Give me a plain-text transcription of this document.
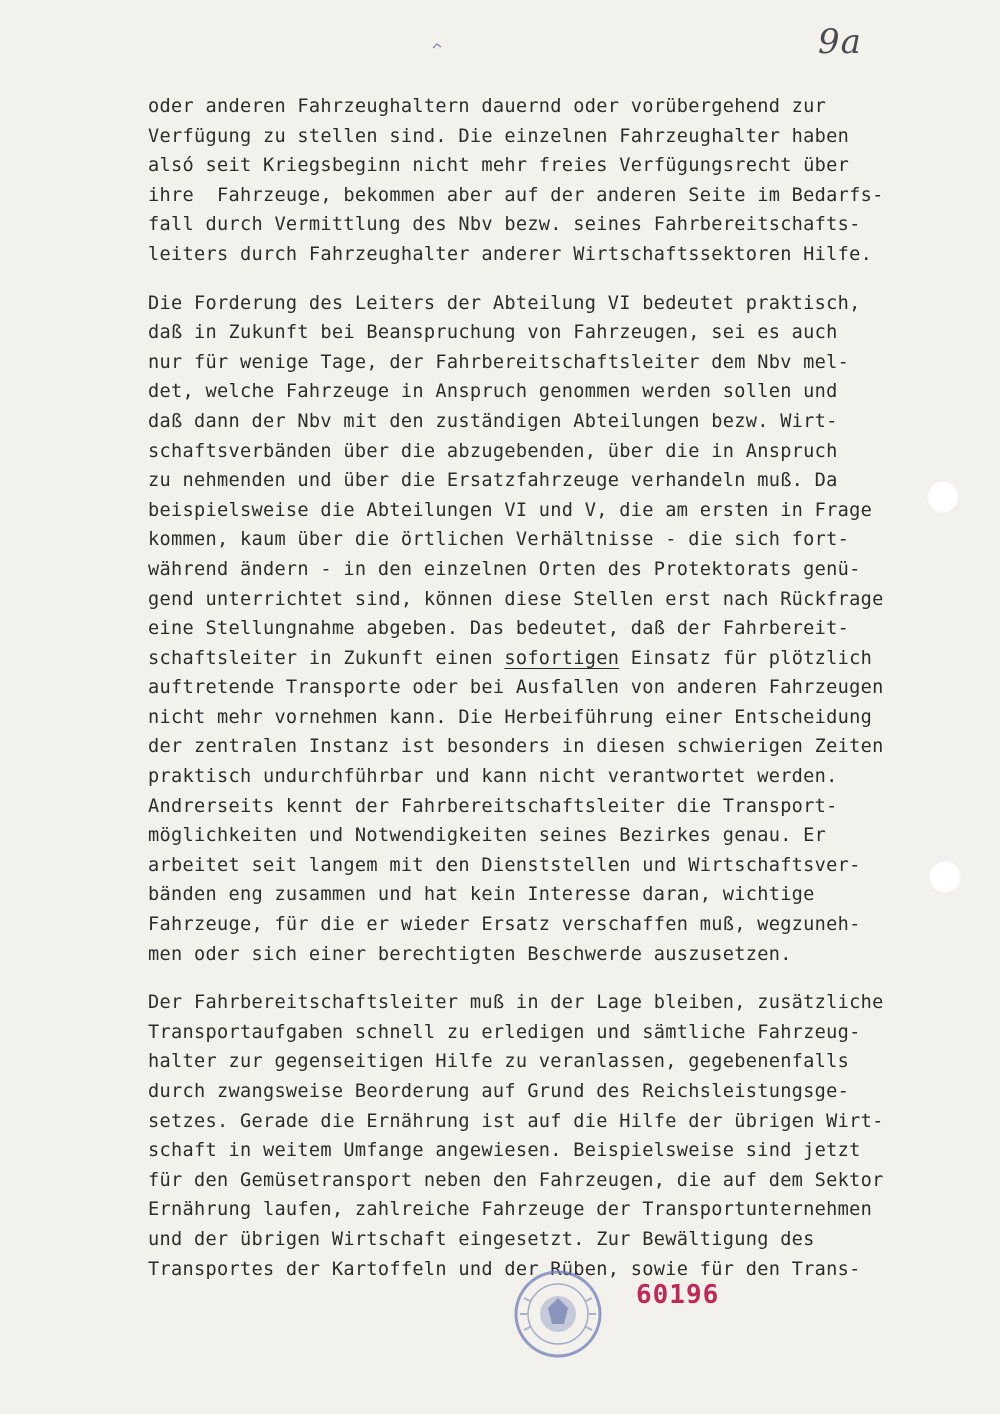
9a
oder anderen Fahrzeughaltern dauernd oder vorübergehend zur
Verfügung zu stellen sind. Die einzelnen Fahrzeughalter haben
alsó seit Kriegsbeginn nicht mehr freies Verfügungsrecht über
ihre  Fahrzeuge, bekommen aber auf der anderen Seite im Bedarfs-
fall durch Vermittlung des Nbv bezw. seines Fahrbereitschafts-
leiters durch Fahrzeughalter anderer Wirtschaftssektoren Hilfe.
Die Forderung des Leiters der Abteilung VI bedeutet praktisch,
daß in Zukunft bei Beanspruchung von Fahrzeugen, sei es auch
nur für wenige Tage, der Fahrbereitschaftsleiter dem Nbv mel-
det, welche Fahrzeuge in Anspruch genommen werden sollen und
daß dann der Nbv mit den zuständigen Abteilungen bezw. Wirt-
schaftsverbänden über die abzugebenden, über die in Anspruch
zu nehmenden und über die Ersatzfahrzeuge verhandeln muß. Da
beispielsweise die Abteilungen VI und V, die am ersten in Frage
kommen, kaum über die örtlichen Verhältnisse - die sich fort-
während ändern - in den einzelnen Orten des Protektorats genü-
gend unterrichtet sind, können diese Stellen erst nach Rückfrage
eine Stellungnahme abgeben. Das bedeutet, daß der Fahrbereit-
schaftsleiter in Zukunft einen sofortigen Einsatz für plötzlich
auftretende Transporte oder bei Ausfallen von anderen Fahrzeugen
nicht mehr vornehmen kann. Die Herbeiführung einer Entscheidung
der zentralen Instanz ist besonders in diesen schwierigen Zeiten
praktisch undurchführbar und kann nicht verantwortet werden.
Andrerseits kennt der Fahrbereitschaftsleiter die Transport-
möglichkeiten und Notwendigkeiten seines Bezirkes genau. Er
arbeitet seit langem mit den Dienststellen und Wirtschaftsver-
bänden eng zusammen und hat kein Interesse daran, wichtige
Fahrzeuge, für die er wieder Ersatz verschaffen muß, wegzuneh-
men oder sich einer berechtigten Beschwerde auszusetzen.
Der Fahrbereitschaftsleiter muß in der Lage bleiben, zusätzliche
Transportaufgaben schnell zu erledigen und sämtliche Fahrzeug-
halter zur gegenseitigen Hilfe zu veranlassen, gegebenenfalls
durch zwangsweise Beorderung auf Grund des Reichsleistungsge-
setzes. Gerade die Ernährung ist auf die Hilfe der übrigen Wirt-
schaft in weitem Umfange angewiesen. Beispielsweise sind jetzt
für den Gemüsetransport neben den Fahrzeugen, die auf dem Sektor
Ernährung laufen, zahlreiche Fahrzeuge der Transportunternehmen
und der übrigen Wirtschaft eingesetzt. Zur Bewältigung des
Transportes der Kartoffeln und der Rüben, sowie für den Trans-
60196
